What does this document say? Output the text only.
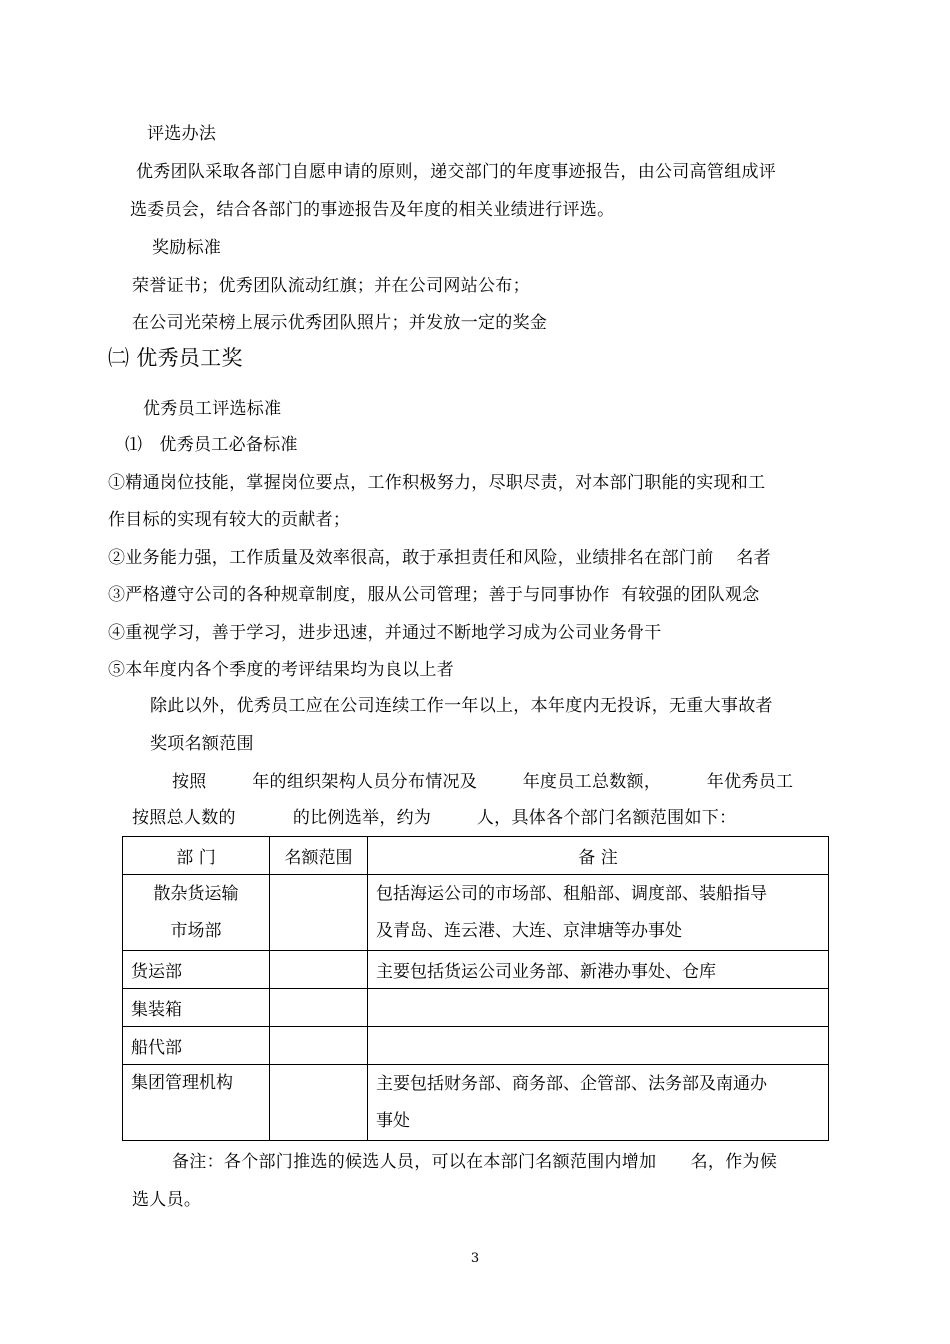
评选办法
优秀团队采取各部门自愿申请的原则，递交部门的年度事迹报告，由公司高管组成评
选委员会，结合各部门的事迹报告及年度的相关业绩进行评选。
奖励标准
荣誉证书；优秀团队流动红旗；并在公司网站公布；
在公司光荣榜上展示优秀团队照片；并发放一定的奖金
㈡ 优秀员工奖
优秀员工评选标准
⑴   优秀员工必备标准
①精通岗位技能，掌握岗位要点，工作积极努力，尽职尽责，对本部门职能的实现和工
作目标的实现有较大的贡献者；
②业务能力强，工作质量及效率很高，敢于承担责任和风险，业绩排名在部门前    名者
③严格遵守公司的各种规章制度，服从公司管理；善于与同事协作  有较强的团队观念
④重视学习，善于学习，进步迅速，并通过不断地学习成为公司业务骨干
⑤本年度内各个季度的考评结果均为良以上者
除此以外，优秀员工应在公司连续工作一年以上，本年度内无投诉，无重大事故者
奖项名额范围
按照        年的组织架构人员分布情况及        年度员工总数额，        年优秀员工
按照总人数的          的比例选举，约为        人，具体各个部门名额范围如下：
部 门	名额范围	备 注

散杂货运输
市场部		包括海运公司的市场部、租船部、调度部、装船指导
及青岛、连云港、大连、京津塘等办事处

货运部		主要包括货运公司业务部、新港办事处、仓库
集装箱		
船代部		

集团管理机构		主要包括财务部、商务部、企管部、法务部及南通办
事处
备注：各个部门推选的候选人员，可以在本部门名额范围内增加      名，作为候
选人员。
3
